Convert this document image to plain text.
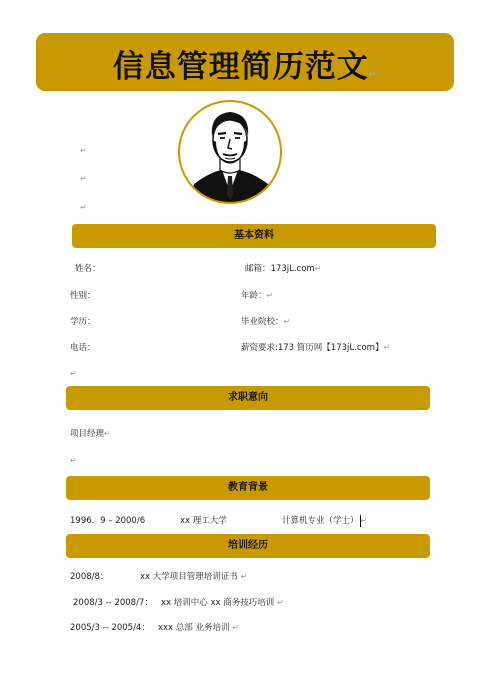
信息管理简历范文↵
↵
↵
↵
基本资料
姓名：	邮箱：173jL.com↵
性别：	年龄：↵
学历：	毕业院校：↵
电话：	薪资要求:173 简历网【173jL.com】↵
↵
求职意向
项目经理↵
↵
教育背景
1996．9 – 2000/6	xx 理工大学	计算机专业（学士） ↵
培训经历
2008/8：	xx 大学项目管理培训证书 ↵
2008/3 -- 2008/7： xx 培训中心 xx 商务技巧培训 ↵
2005/3 -- 2005/4： xxx 总部 业务培训 ↵
